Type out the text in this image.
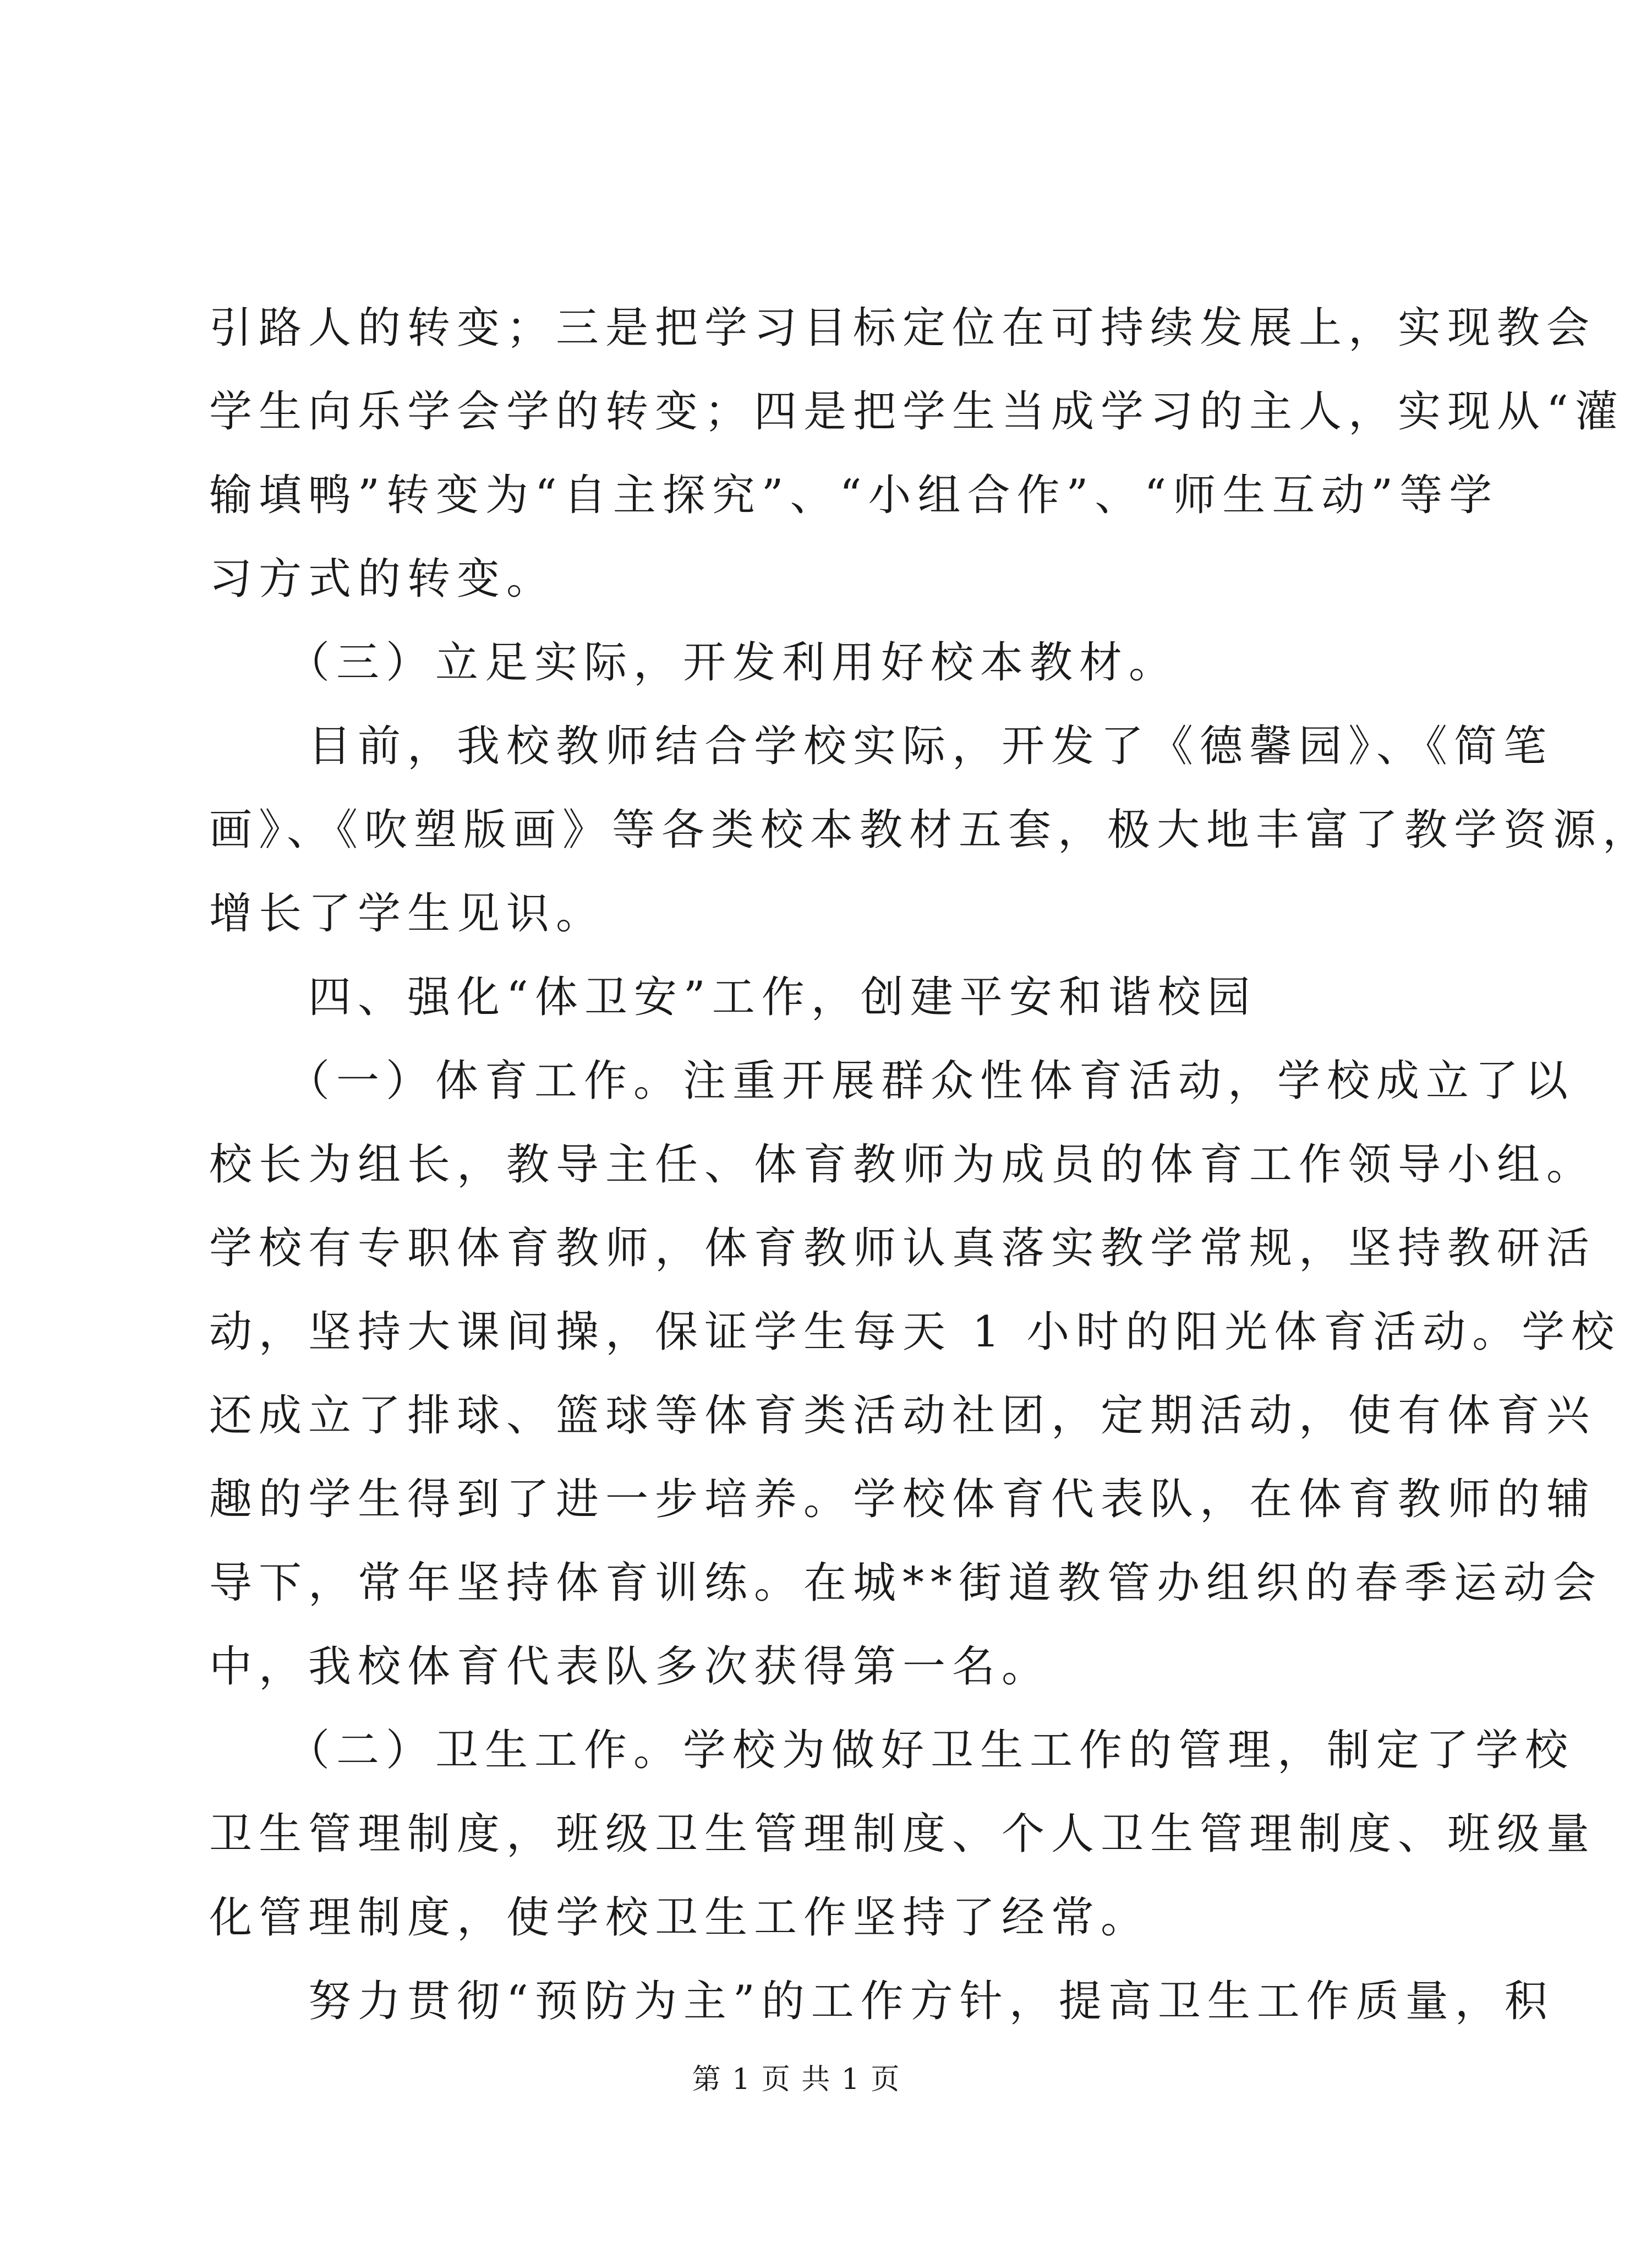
引路人的转变；三是把学习目标定位在可持续发展上，实现教会
学生向乐学会学的转变；四是把学生当成学习的主人，实现从“灌
输填鸭”转变为“自主探究”、“小组合作”、“师生互动”等学
习方式的转变。
　　（三）立足实际，开发利用好校本教材。
　　目前，我校教师结合学校实际，开发了《德馨园》、《简笔
画》、《吹塑版画》等各类校本教材五套，极大地丰富了教学资源，
增长了学生见识。
　　四、强化“体卫安”工作，创建平安和谐校园
　　（一）体育工作。注重开展群众性体育活动，学校成立了以
校长为组长，教导主任、体育教师为成员的体育工作领导小组。
学校有专职体育教师，体育教师认真落实教学常规，坚持教研活
动，坚持大课间操，保证学生每天 1 小时的阳光体育活动。学校
还成立了排球、篮球等体育类活动社团，定期活动，使有体育兴
趣的学生得到了进一步培养。学校体育代表队，在体育教师的辅
导下，常年坚持体育训练。在城**街道教管办组织的春季运动会
中，我校体育代表队多次获得第一名。
　　（二）卫生工作。学校为做好卫生工作的管理，制定了学校
卫生管理制度，班级卫生管理制度、个人卫生管理制度、班级量
化管理制度，使学校卫生工作坚持了经常。
　　努力贯彻“预防为主”的工作方针，提高卫生工作质量，积
第 1 页 共 1 页
